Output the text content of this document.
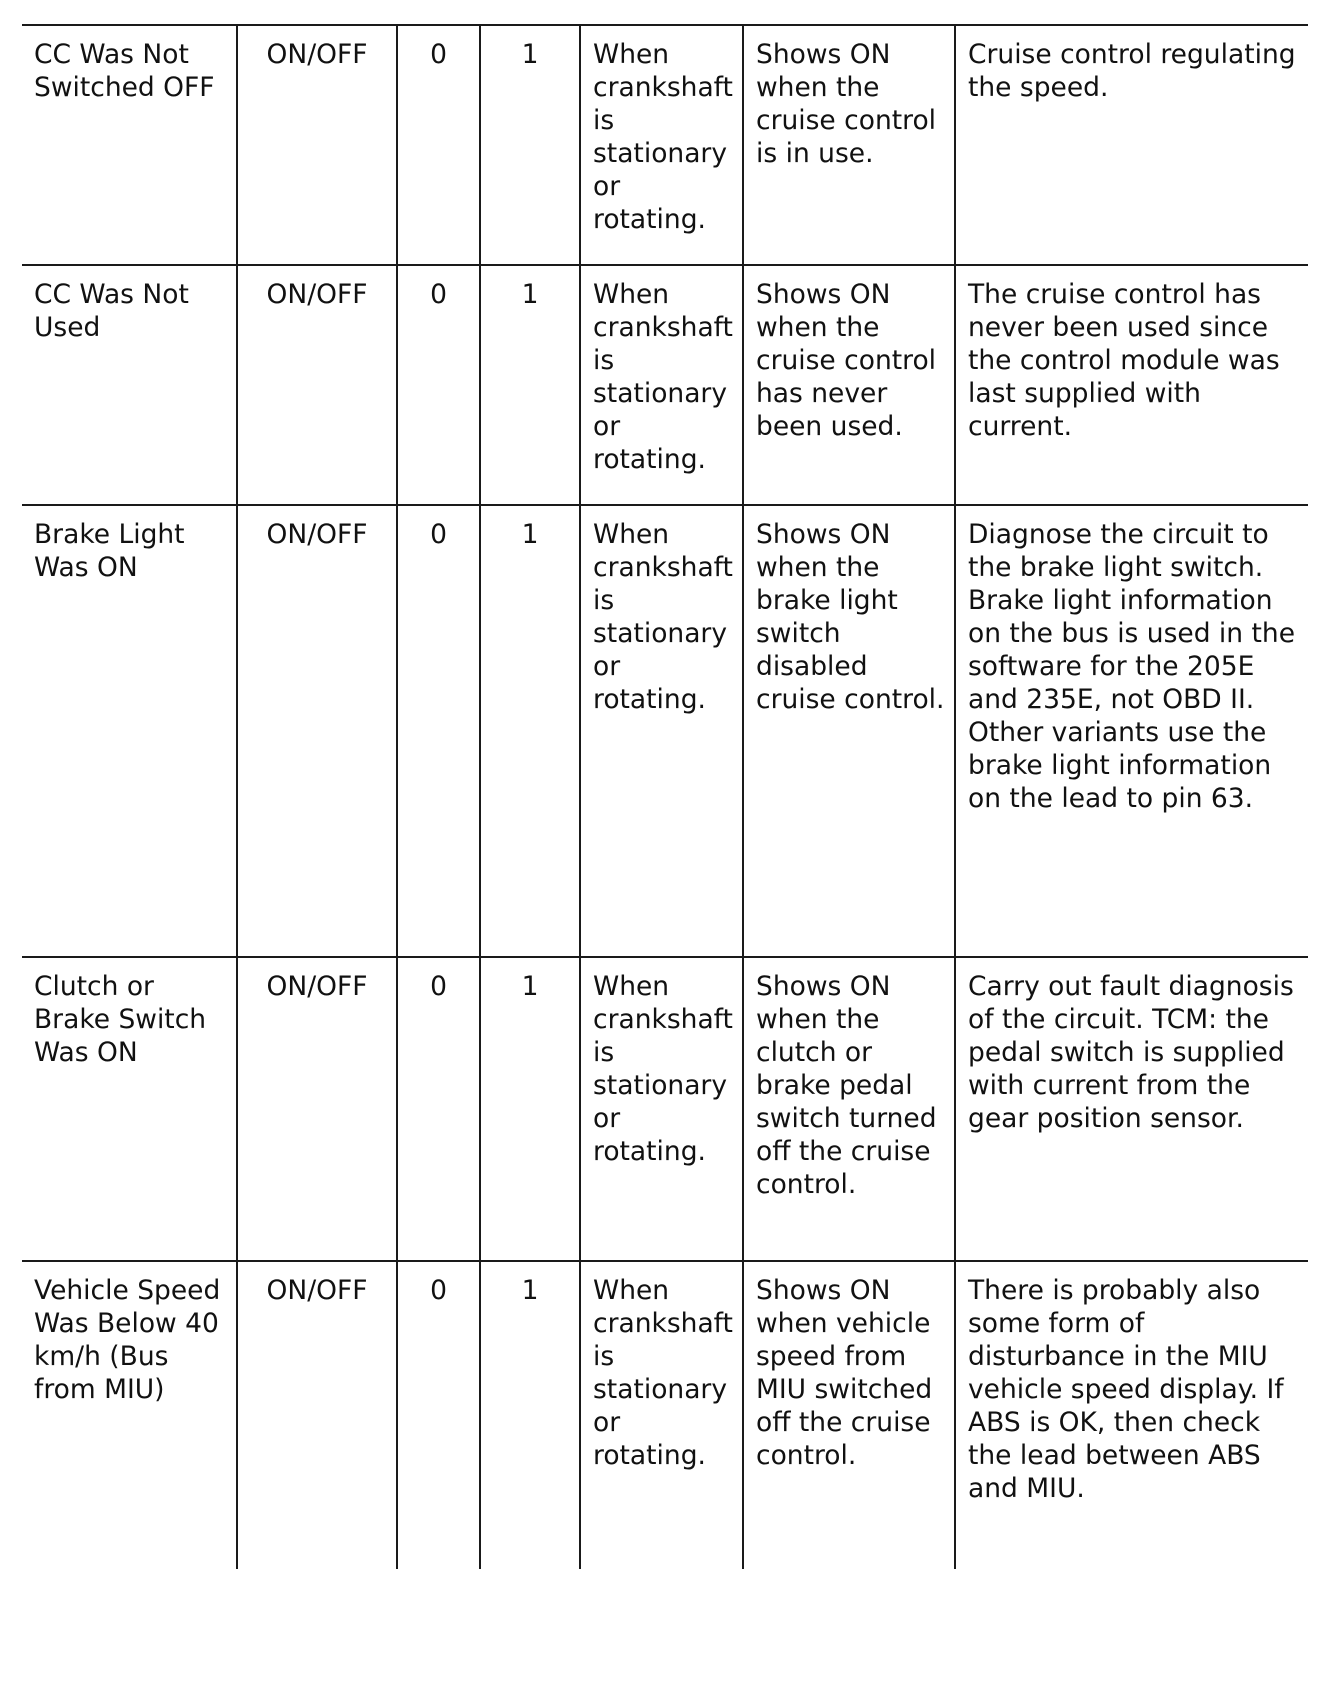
CC Was Not Switched OFF	ON/OFF	0	1	When crankshaft is stationary or rotating.	Shows ON when the cruise control is in use.	Cruise control regulating the speed.
CC Was Not Used	ON/OFF	0	1	When crankshaft is stationary or rotating.	Shows ON when the cruise control has never been used.	The cruise control has never been used since the control module was last supplied with current.
Brake Light Was ON	ON/OFF	0	1	When crankshaft is stationary or rotating.	Shows ON when the brake light switch disabled cruise control.	Diagnose the circuit to the brake light switch. Brake light information on the bus is used in the software for the 205E and 235E, not OBD II. Other variants use the brake light information on the lead to pin 63.
Clutch or Brake Switch Was ON	ON/OFF	0	1	When crankshaft is stationary or rotating.	Shows ON when the clutch or brake pedal switch turned off the cruise control.	Carry out fault diagnosis of the circuit. TCM: the pedal switch is supplied with current from the gear position sensor.
Vehicle Speed Was Below 40 km/h (Bus from MIU)	ON/OFF	0	1	When crankshaft is stationary or rotating.	Shows ON when vehicle speed from MIU switched off the cruise control.	There is probably also some form of disturbance in the MIU vehicle speed display. If ABS is OK, then check the lead between ABS and MIU.
